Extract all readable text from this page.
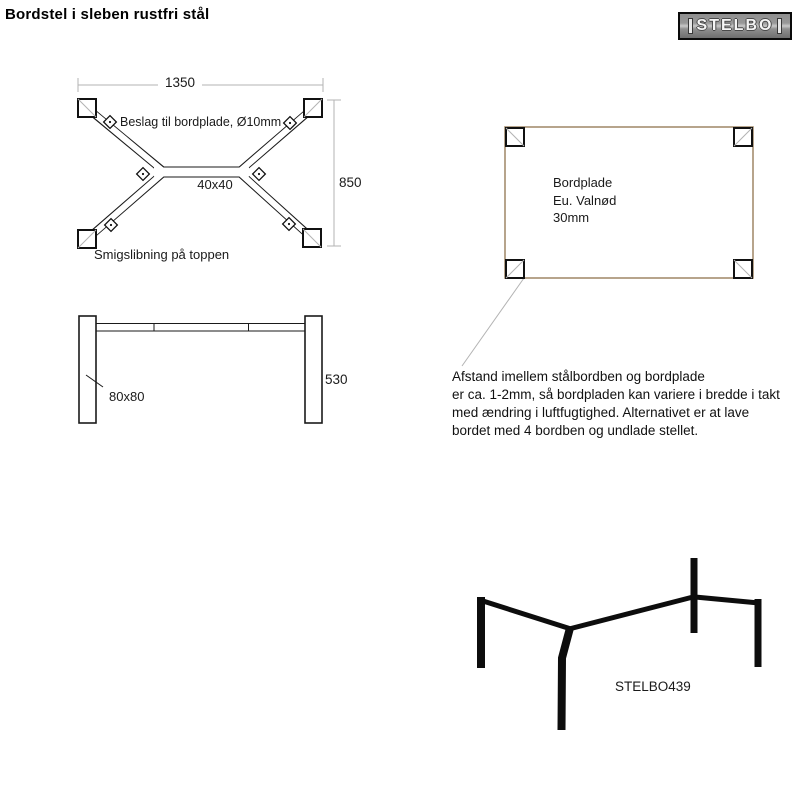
Bordstel i sleben rustfri stål
STELBO
1350
850
Beslag til bordplade, Ø10mm
40x40
Smigslibning på toppen
80x80
530
Bordplade
Eu. Valnød
30mm
Afstand imellem stålbordben og bordplade
er ca. 1-2mm, så bordpladen kan variere i bredde i takt
med ændring i luftfugtighed. Alternativet er at lave
bordet med 4 bordben og undlade stellet.
STELBO439
